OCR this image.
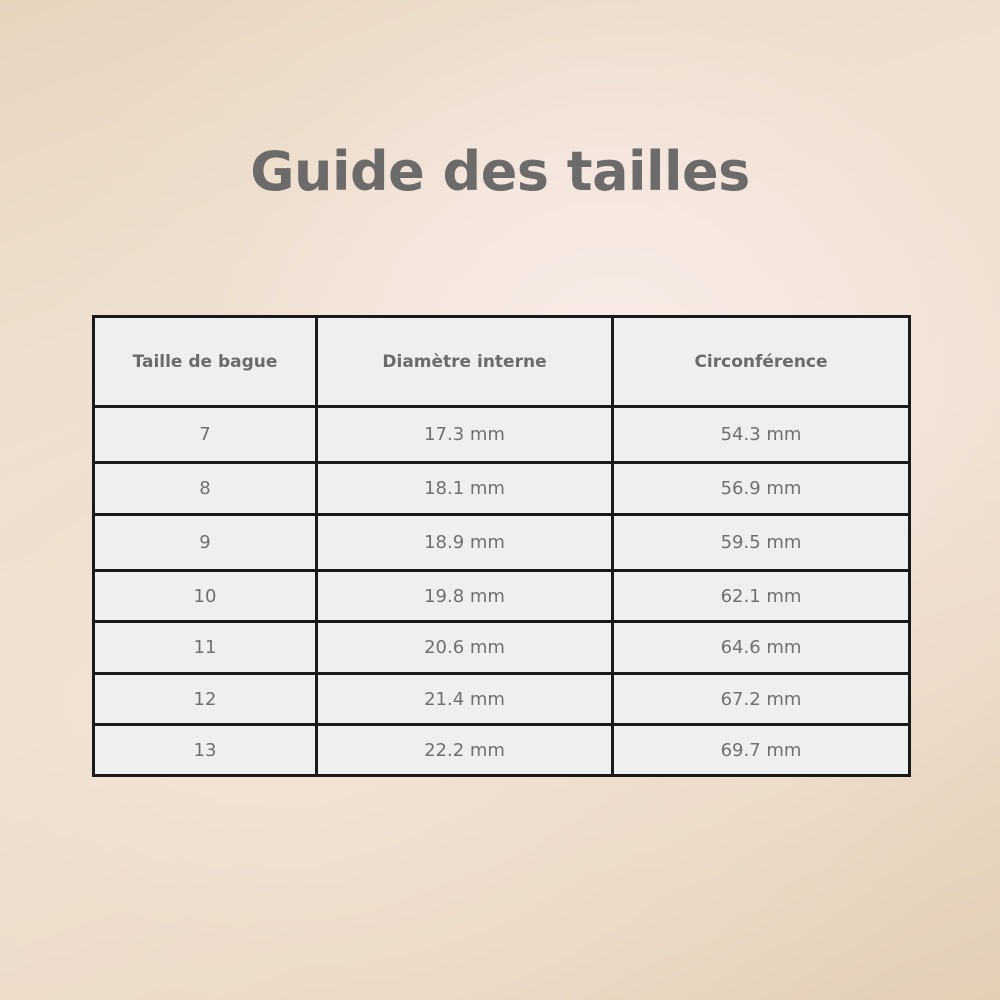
Guide des tailles
Taille de bague	Diamètre interne	Circonférence
7	17.3 mm	54.3 mm
8	18.1 mm	56.9 mm
9	18.9 mm	59.5 mm
10	19.8 mm	62.1 mm
11	20.6 mm	64.6 mm
12	21.4 mm	67.2 mm
13	22.2 mm	69.7 mm
